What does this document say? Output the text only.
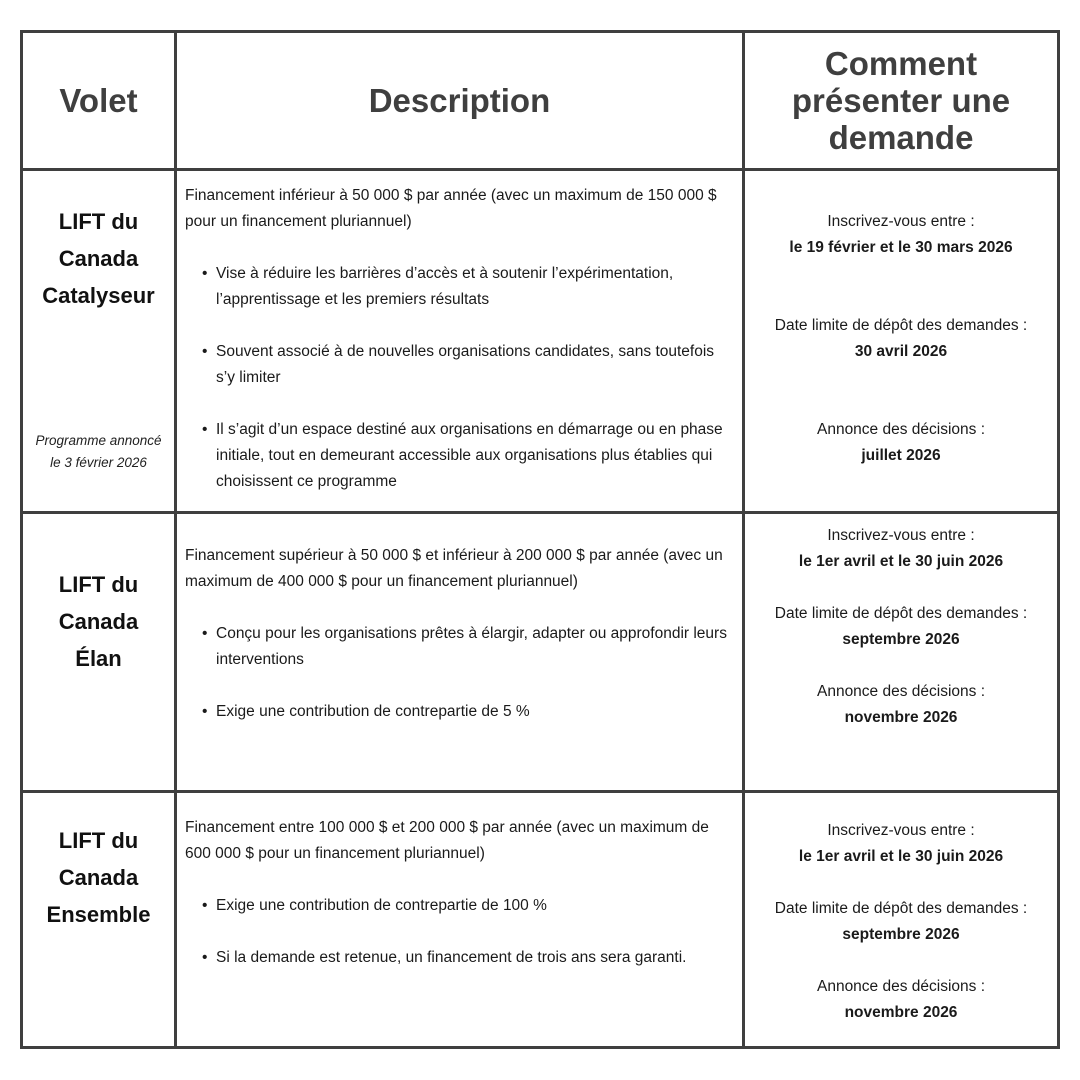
Volet	Description
Comment
présenter une
demande
LIFT du
Canada
Catalyseur
Programme annoncé
le 3 février 2026

Financement inférieur à 50 000 $ par année (avec un maximum de 150 000 $ pour un financement pluriannuel)

• Vise à réduire les barrières d’accès et à soutenir l’expérimentation, l’apprentissage et les premiers résultats
• Souvent associé à de nouvelles organisations candidates, sans toutefois s’y limiter
• Il s’agit d’un espace destiné aux organisations en démarrage ou en phase initiale, tout en demeurant accessible aux organisations plus établies qui choisissent ce programme
Inscrivez-vous entre :
le 19 février et le 30 mars 2026
Date limite de dépôt des demandes :
30 avril 2026
Annonce des décisions :
juillet 2026
LIFT du
Canada
Élan

Financement supérieur à 50 000 $ et inférieur à 200 000 $ par année (avec un maximum de 400 000 $ pour un financement pluriannuel)

• Conçu pour les organisations prêtes à élargir, adapter ou approfondir leurs interventions
• Exige une contribution de contrepartie de 5 %
Inscrivez-vous entre :
le 1er avril et le 30 juin 2026
Date limite de dépôt des demandes :
septembre 2026
Annonce des décisions :
novembre 2026
LIFT du
Canada
Ensemble

Financement entre 100 000 $ et 200 000 $ par année (avec un maximum de 600 000 $ pour un financement pluriannuel)

• Exige une contribution de contrepartie de 100 %
• Si la demande est retenue, un financement de trois ans sera garanti.
Inscrivez-vous entre :
le 1er avril et le 30 juin 2026
Date limite de dépôt des demandes :
septembre 2026
Annonce des décisions :
novembre 2026
